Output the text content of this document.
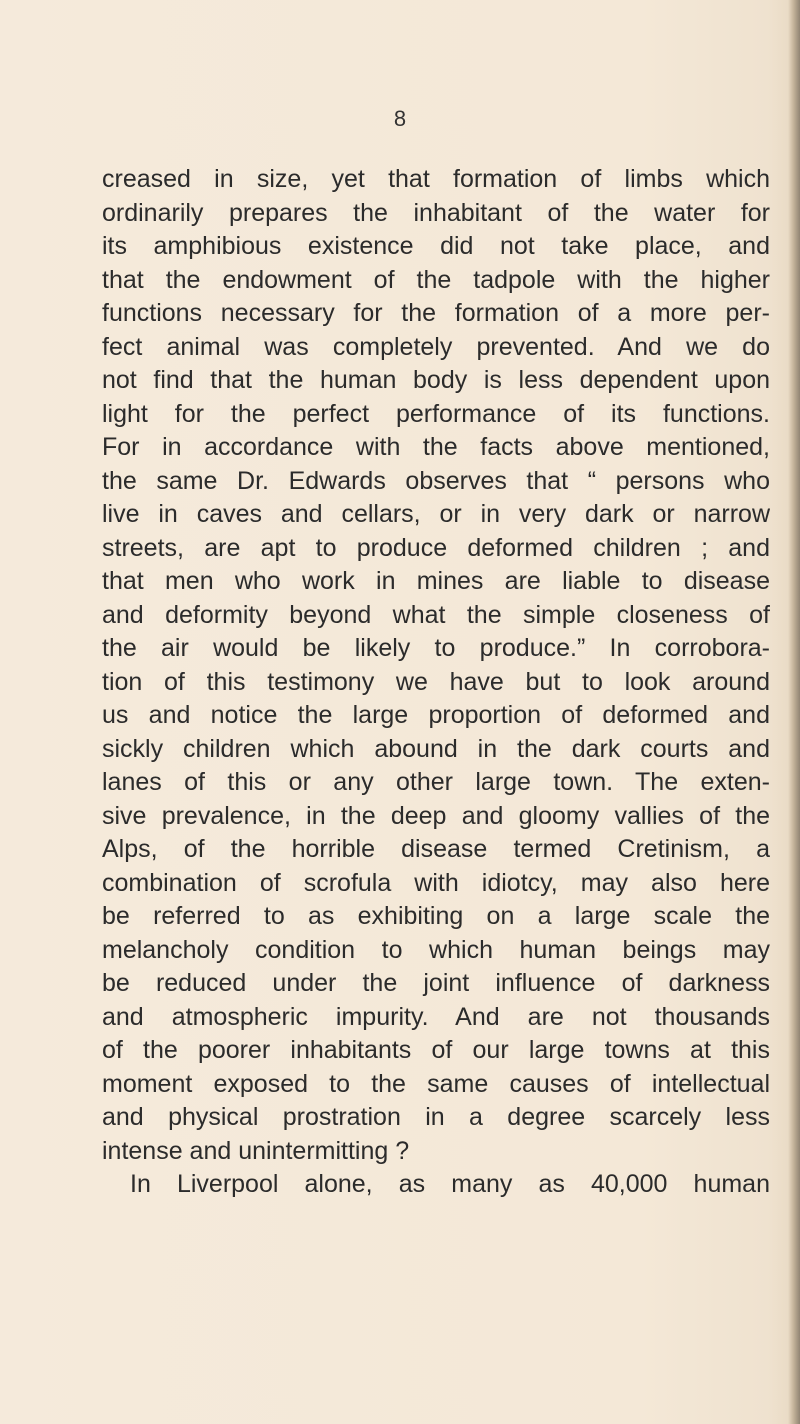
8
creased in size, yet that formation of limbs which
ordinarily prepares the inhabitant of the water for
its amphibious existence did not take place, and
that the endowment of the tadpole with the higher
functions necessary for the formation of a more per-
fect animal was completely prevented. And we do
not find that the human body is less dependent upon
light for the perfect performance of its functions.
For in accordance with the facts above mentioned,
the same Dr. Edwards observes that “ persons who
live in caves and cellars, or in very dark or narrow
streets, are apt to produce deformed children ; and
that men who work in mines are liable to disease
and deformity beyond what the simple closeness of
the air would be likely to produce.” In corrobora-
tion of this testimony we have but to look around
us and notice the large proportion of deformed and
sickly children which abound in the dark courts and
lanes of this or any other large town. The exten-
sive prevalence, in the deep and gloomy vallies of the
Alps, of the horrible disease termed Cretinism, a
combination of scrofula with idiotcy, may also here
be referred to as exhibiting on a large scale the
melancholy condition to which human beings may
be reduced under the joint influence of darkness
and atmospheric impurity. And are not thousands
of the poorer inhabitants of our large towns at this
moment exposed to the same causes of intellectual
and physical prostration in a degree scarcely less
intense and unintermitting ?
In Liverpool alone, as many as 40,000 human
